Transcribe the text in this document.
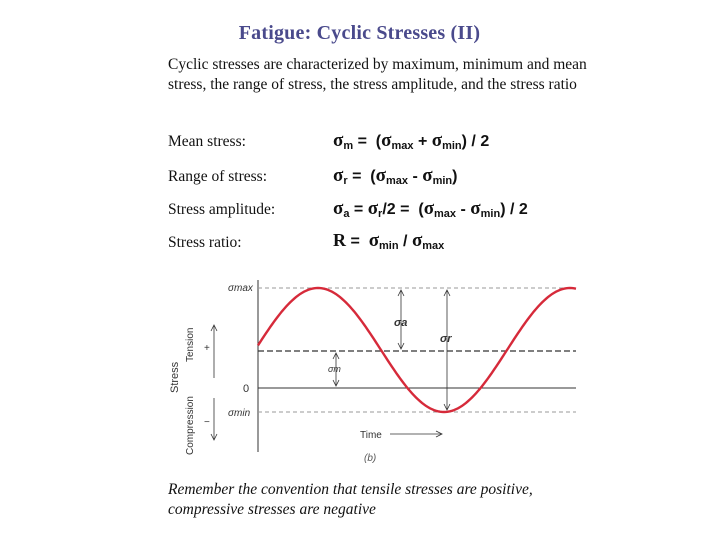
Fatigue: Cyclic Stresses (II)
Cyclic stresses are characterized by maximum, minimum and mean stress, the range of stress, the stress amplitude, and the stress ratio
Mean stress:	$\sigma_m = (\sigma_{max} + \sigma_{min}) / 2$
Range of stress:	$\sigma_r = (\sigma_{max} - \sigma_{min})$
Stress amplitude:	$\sigma_a = \sigma_r/2 = (\sigma_{max} - \sigma_{min}) / 2$
Stress ratio:	$R = \sigma_{min} / \sigma_{max}$
σmax
σmin
0
σa
σr
σm
Time
(b)
+
−
Stress
Tension
Compression
Remember the convention that tensile stresses are positive, compressive stresses are negative
